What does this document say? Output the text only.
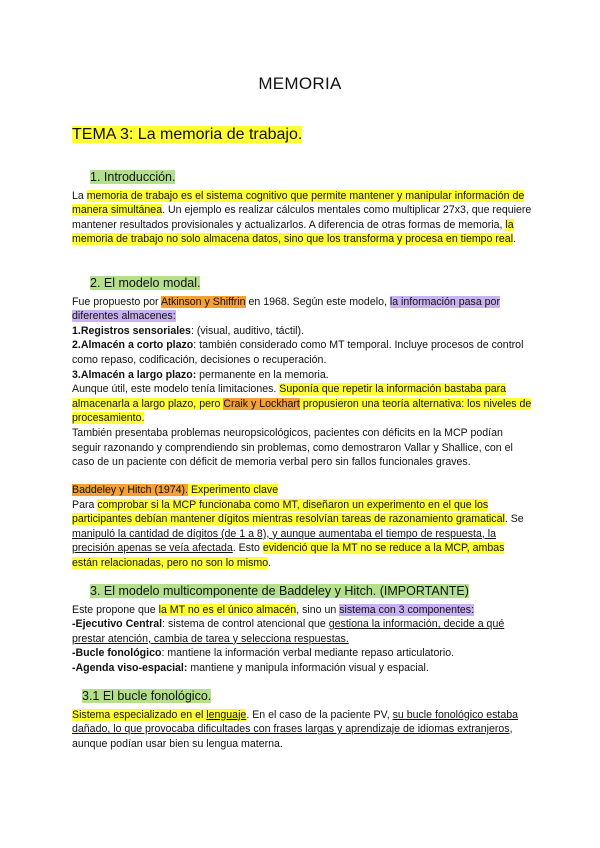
MEMORIA
TEMA 3: La memoria de trabajo.
1. Introducción.

La memoria de trabajo es el sistema cognitivo que permite mantener y manipular información de manera simultánea. Un ejemplo es realizar cálculos mentales como multiplicar 27x3, que requiere mantener resultados provisionales y actualizarlos. A diferencia de otras formas de memoria, la memoria de trabajo no solo almacena datos, sino que los transforma y procesa en tiempo real.

2. El modelo modal.

Fue propuesto por Atkinson y Shiffrin en 1968. Según este modelo, la información pasa por diferentes almacenes:

1.Registros sensoriales: (visual, auditivo, táctil).

2.Almacén a corto plazo: también considerado como MT temporal. Incluye procesos de control como repaso, codificación, decisiones o recuperación.

3.Almacén a largo plazo: permanente en la memoria.

Aunque útil, este modelo tenía limitaciones. Suponía que repetir la información bastaba para almacenarla a largo plazo, pero Craik y Lockhart propusieron una teoría alternativa: los niveles de procesamiento.

También presentaba problemas neuropsicológicos, pacientes con déficits en la MCP podían seguir razonando y comprendiendo sin problemas, como demostraron Vallar y Shallice, con el caso de un paciente con déficit de memoria verbal pero sin fallos funcionales graves.

Baddeley y Hitch (1974). Experimento clave

Para comprobar si la MCP funcionaba como MT, diseñaron un experimento en el que los participantes debían mantener dígitos mientras resolvían tareas de razonamiento gramatical. Se manipuló la cantidad de dígitos (de 1 a 8), y aunque aumentaba el tiempo de respuesta, la precisión apenas se veía afectada. Esto evidenció que la MT no se reduce a la MCP, ambas están relacionadas, pero no son lo mismo.

3. El modelo multicomponente de Baddeley y Hitch. (IMPORTANTE)

Este propone que la MT no es el único almacén, sino un sistema con 3 componentes:

-Ejecutivo Central: sistema de control atencional que gestiona la información, decide a qué prestar atención, cambia de tarea y selecciona respuestas.

-Bucle fonológico: mantiene la información verbal mediante repaso articulatorio.

-Agenda viso-espacial: mantiene y manipula información visual y espacial.

3.1 El bucle fonológico.

Sistema especializado en el lenguaje. En el caso de la paciente PV, su bucle fonológico estaba dañado, lo que provocaba dificultades con frases largas y aprendizaje de idiomas extranjeros, aunque podían usar bien su lengua materna.
